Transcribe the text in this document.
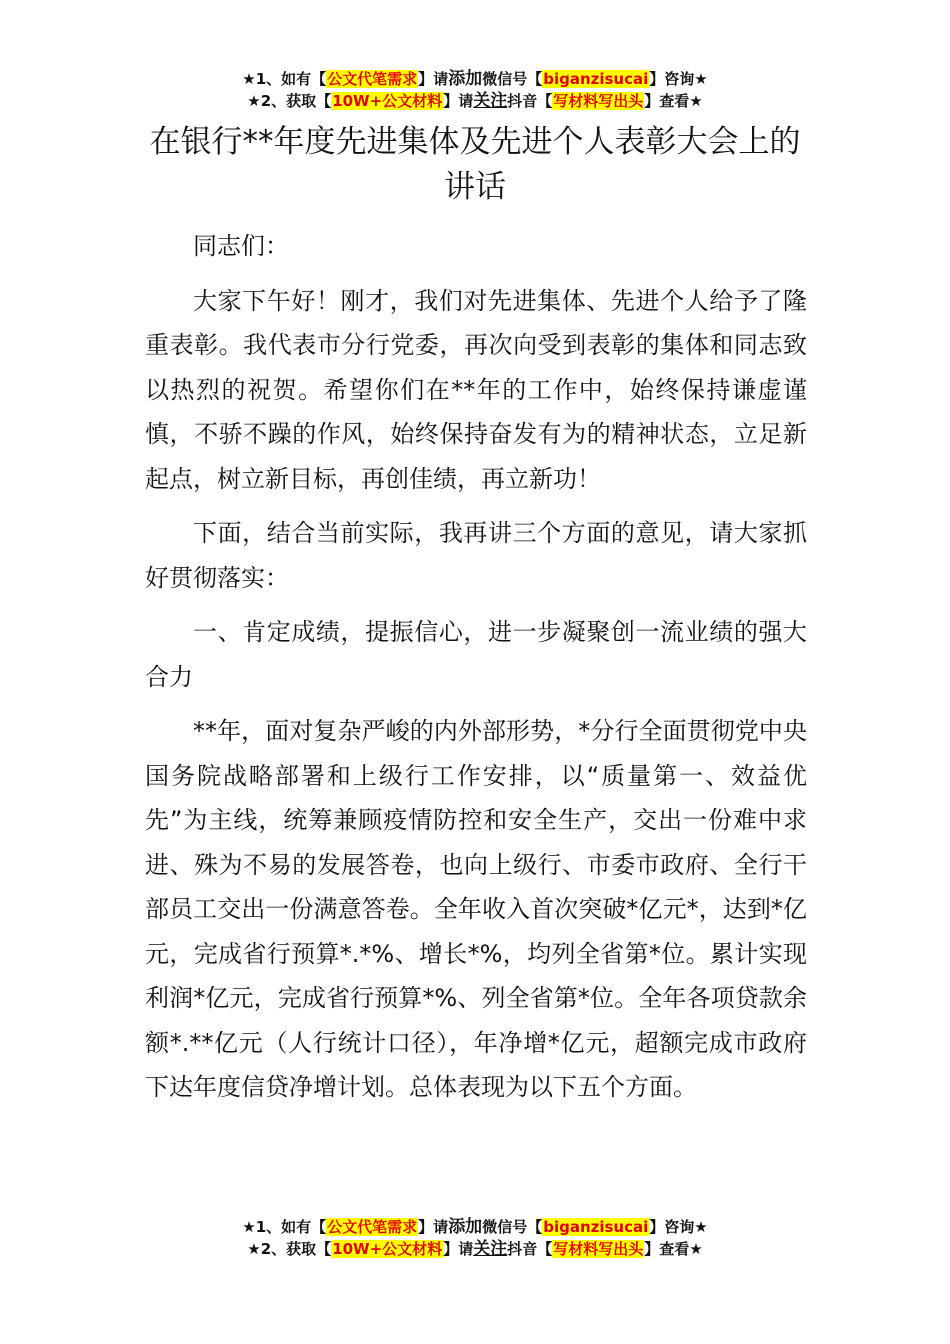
★1、如有【公文代笔需求】请添加微信号【biganzisucai】咨询★
★2、获取【10W+公文材料】请关注抖音【写材料写出头】查看★
在银行**年度先进集体及先进个人表彰大会上的讲话

同志们：

大家下午好！刚才，我们对先进集体、先进个人给予了隆重表彰。我代表市分行党委，再次向受到表彰的集体和同志致以热烈的祝贺。希望你们在**年的工作中，始终保持谦虚谨慎，不骄不躁的作风，始终保持奋发有为的精神状态，立足新起点，树立新目标，再创佳绩，再立新功！

下面，结合当前实际，我再讲三个方面的意见，请大家抓好贯彻落实：

一、肯定成绩，提振信心，进一步凝聚创一流业绩的强大合力

**年，面对复杂严峻的内外部形势，*分行全面贯彻党中央国务院战略部署和上级行工作安排，以“质量第一、效益优先”为主线，统筹兼顾疫情防控和安全生产，交出一份难中求进、殊为不易的发展答卷，也向上级行、市委市政府、全行干部员工交出一份满意答卷。全年收入首次突破*亿元*，达到*亿元，完成省行预算*.*%、增长*%，均列全省第*位。累计实现利润*亿元，完成省行预算*%、列全省第*位。全年各项贷款余额*.**亿元（人行统计口径），年净增*亿元，超额完成市政府下达年度信贷净增计划。总体表现为以下五个方面。

★1、如有【公文代笔需求】请添加微信号【biganzisucai】咨询★
★2、获取【10W+公文材料】请关注抖音【写材料写出头】查看★
